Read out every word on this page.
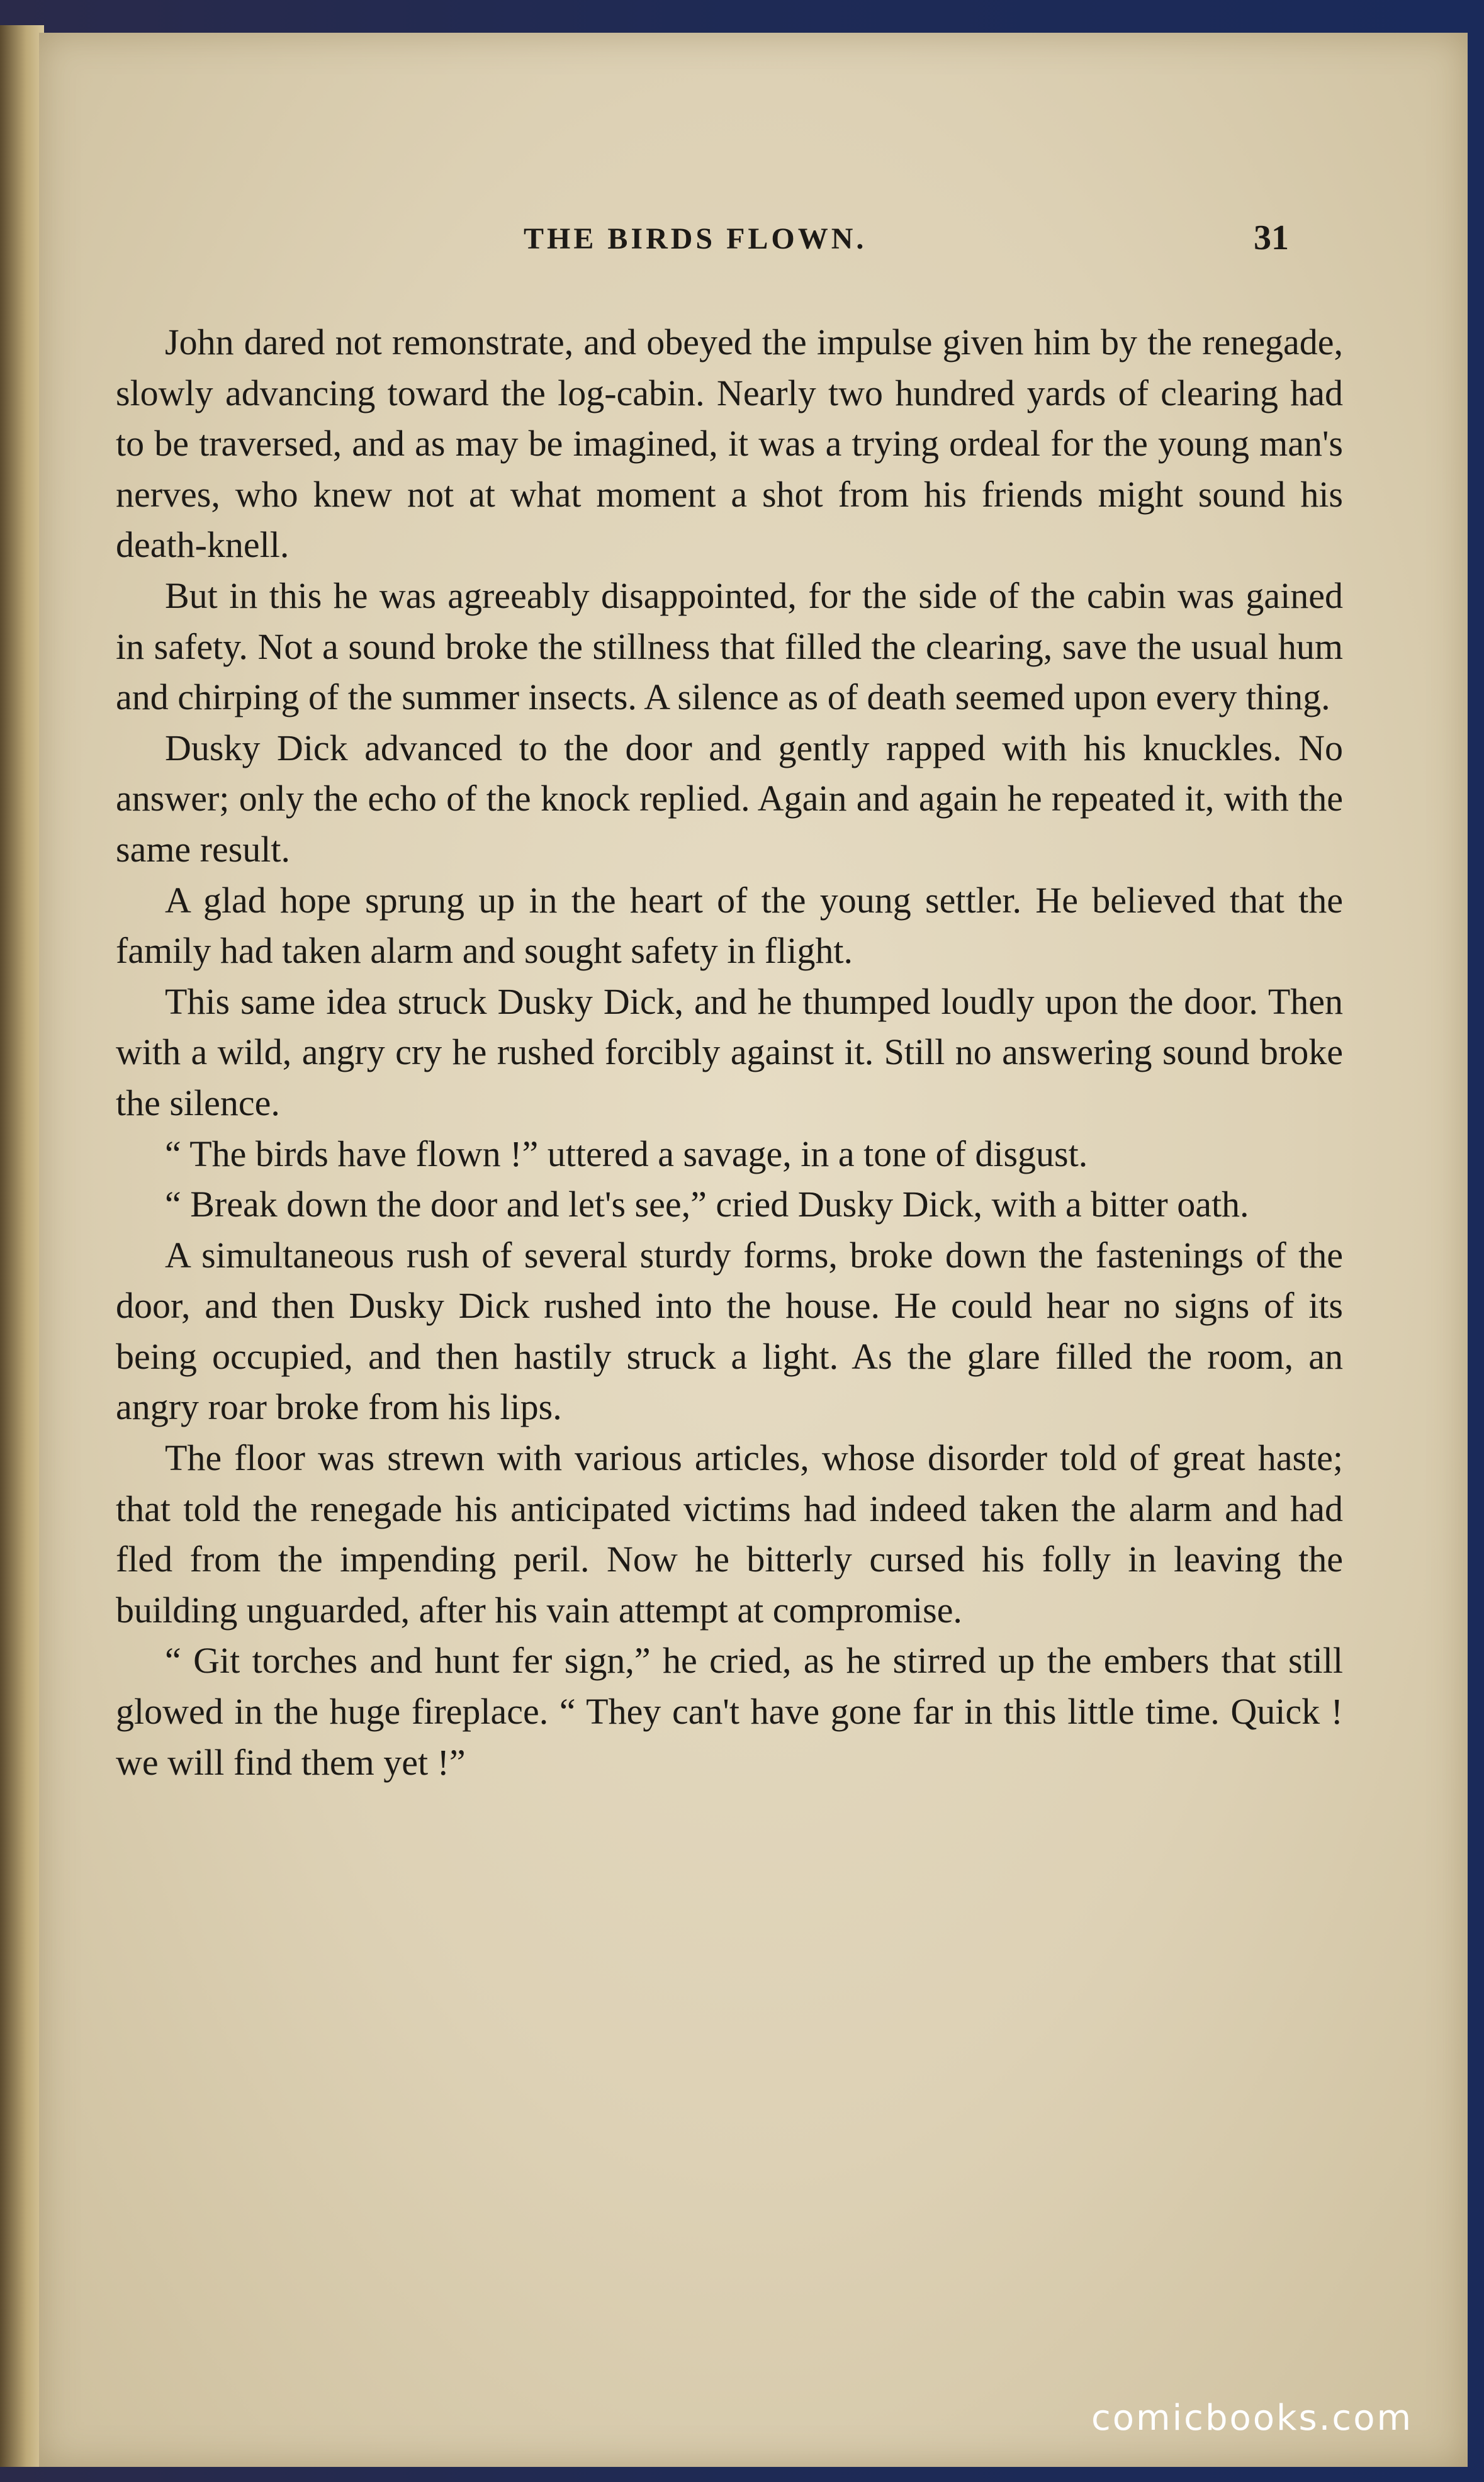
THE BIRDS FLOWN.	31

John dared not remonstrate, and obeyed the impulse given him by the renegade, slowly advancing toward the log-cabin. Nearly two hundred yards of clearing had to be traversed, and as may be imagined, it was a trying ordeal for the young man's nerves, who knew not at what moment a shot from his friends might sound his death-knell.

But in this he was agreeably disappointed, for the side of the cabin was gained in safety. Not a sound broke the stillness that filled the clearing, save the usual hum and chirping of the summer insects. A silence as of death seemed upon every thing.

Dusky Dick advanced to the door and gently rapped with his knuckles. No answer; only the echo of the knock replied. Again and again he repeated it, with the same result.

A glad hope sprung up in the heart of the young settler. He believed that the family had taken alarm and sought safety in flight.

This same idea struck Dusky Dick, and he thumped loudly upon the door. Then with a wild, angry cry he rushed forcibly against it. Still no answering sound broke the silence.

“ The birds have flown !” uttered a savage, in a tone of disgust.

“ Break down the door and let's see,” cried Dusky Dick, with a bitter oath.

A simultaneous rush of several sturdy forms, broke down the fastenings of the door, and then Dusky Dick rushed into the house. He could hear no signs of its being occupied, and then hastily struck a light. As the glare filled the room, an angry roar broke from his lips.

The floor was strewn with various articles, whose disorder told of great haste; that told the renegade his anticipated victims had indeed taken the alarm and had fled from the impending peril. Now he bitterly cursed his folly in leaving the building unguarded, after his vain attempt at compromise.

“ Git torches and hunt fer sign,” he cried, as he stirred up the embers that still glowed in the huge fireplace. “ They can't have gone far in this little time. Quick ! we will find them yet !”

comicbooks.com
